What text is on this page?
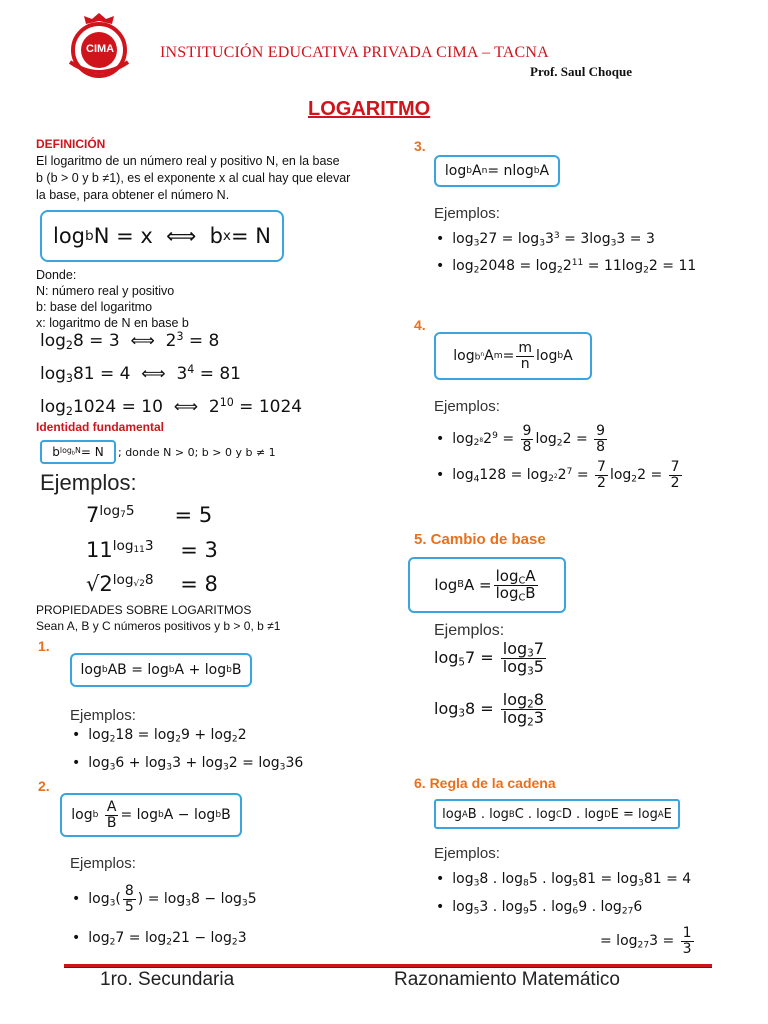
CIMA	INSTITUCIÓN EDUCATIVA PRIVADA CIMA – TACNA
Prof. Saul Choque
LOGARITMO
DEFINICIÓN
El logaritmo de un número real y positivo N, en la base
b (b > 0 y b ≠1), es el exponente x al cual hay que elevar
la base, para obtener el número N.
log b N = x  ⟺  b x = N
Donde:
N: número real y positivo
b: base del logaritmo
x: logaritmo de N en base b
$\log_28 = 3$  ⟺  $2^3 = 8$
$\log_381 = 4$  ⟺  $3^4 = 81$
$\log_21024 = 10$  ⟺  $2^{10} = 1024$
Identidad fundamental
b $\log_bN = N$	; donde N > 0; b > 0 y b ≠ 1
Ejemplos:
$7^{log_75}$      = 5
$11^{log_{11}3}$    = 3
$√2^{log_{√2}8}$    = 8
PROPIEDADES SOBRE LOGARITMOS
Sean A, B y C números positivos y b > 0, b ≠1
1.
log b AB = log b A + log b B
Ejemplos:
• $\log_218 = \log_29 + \log_22$
• $\log_36 + \log_33 + \log_32 = \log_336$
2.
log b
$\frac{A}{B} = \log b$ A − log b B
Ejemplos:
• $\log_3( \frac{8}{5}$ ) = $\log_38 - \log_35$
• $\log_27 = \log_221 - \log_23$
3.
log b A n = nlog b A
Ejemplos:
• $\log_327 = \log_33^3 = 3\log_33 = 3$
• $\log_22048 = \log_22^{11} = 11\log_22 = 11$
4.
$\log b^n$ A $m = \frac{m}{n}$ log b A
Ejemplos:
• $\log_{2^8}2^9 = \frac{9}{8} \log_22 = \frac{9}{8}$
• $\log_4128 = \log_{2^2}2^7 = \frac{7}{2} \log_22 = \frac{7}{2}$
5. Cambio de base
log B $A = \frac{\log_CA}{\log_CB}$
Ejemplos:
$\log_57 = \frac{\log_37}{\log_35}$
$\log_38 = \frac{\log_28}{\log_23}$
6. Regla de la cadena
log A B . log B C . log C D . log D E = log A E
Ejemplos:
• $\log_38$ . $\log_85$ . $\log_581 = \log_381 = 4$
• $\log_53$ . $\log_95$ . $\log_69$ . $\log_{27}6$
= $\log_{27}3 = \frac{1}{3}$
1ro. Secundaria	Razonamiento Matemático
